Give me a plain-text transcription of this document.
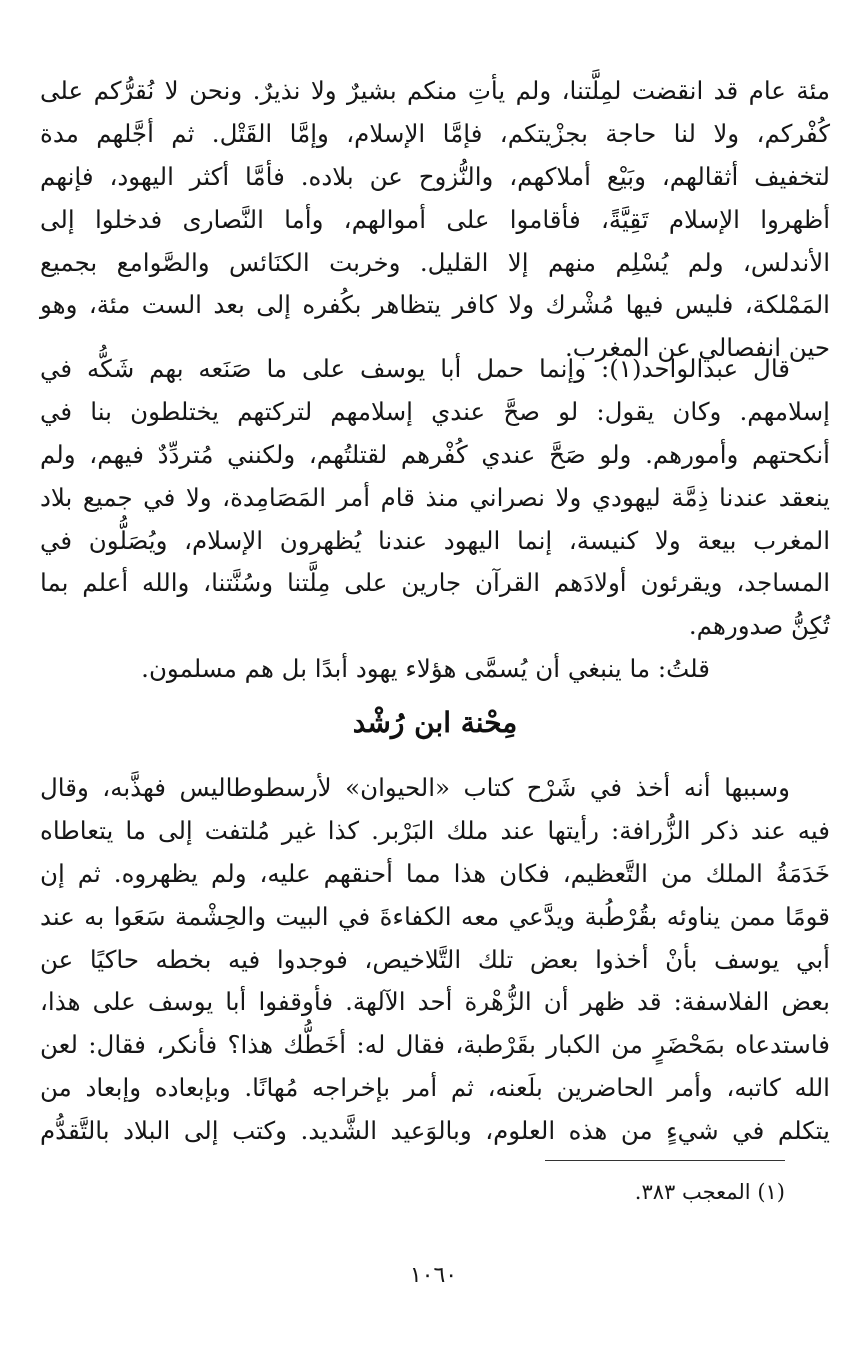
مئة عام قد انقضت لمِلَّتنا، ولم يأتِ منكم بشيرٌ ولا نذيرٌ. ونحن لا نُقرُّكم على
كُفْركم، ولا لنا حاجة بجزْيتكم، فإمَّا الإسلام، وإمَّا القَتْل. ثم أجَّلهم مدة
لتخفيف أثقالهم، وبَيْع أملاكهم، والنُّزوح عن بلاده. فأمَّا أكثر اليهود، فإنهم
أظهروا الإسلام تَقِيَّةً، فأقاموا على أموالهم، وأما النَّصارى فدخلوا إلى
الأندلس، ولم يُسْلِم منهم إلا القليل. وخربت الكنَائس والصَّوامع بجميع
المَمْلكة، فليس فيها مُشْرك ولا كافر يتظاهر بكُفره إلى بعد الست مئة، وهو
حين انفصالي عن المغرب.
قال عبدالواحد(١): وإنما حمل أبا يوسف على ما صَنَعه بهم شَكُّه في
إسلامهم. وكان يقول: لو صحَّ عندي إسلامهم لتركتهم يختلطون بنا في
أنكحتهم وأمورهم. ولو صَحَّ عندي كُفْرهم لقتلتُهم، ولكنني مُتردِّدٌ فيهم، ولم
ينعقد عندنا ذِمَّة ليهودي ولا نصراني منذ قام أمر المَصَامِدة، ولا في جميع بلاد
المغرب بيعة ولا كنيسة، إنما اليهود عندنا يُظهرون الإسلام، ويُصَلُّون في
المساجد، ويقرئون أولادَهم القرآن جارين على مِلَّتنا وسُنَّتنا، والله أعلم بما
تُكِنُّ صدورهم.
قلتُ: ما ينبغي أن يُسمَّى هؤلاء يهود أبدًا بل هم مسلمون.
مِحْنة ابن رُشْد
وسببها أنه أخذ في شَرْح كتاب «الحيوان» لأرسطوطاليس فهذَّبه، وقال
فيه عند ذكر الزُّرافة: رأيتها عند ملك البَرْبر. كذا غير مُلتفت إلى ما يتعاطاه
خَدَمَةُ الملك من التَّعظيم، فكان هذا مما أحنقهم عليه، ولم يظهروه. ثم إن
قومًا ممن يناوئه بقُرْطُبة ويدَّعي معه الكفاءةَ في البيت والحِشْمة سَعَوا به عند
أبي يوسف بأنْ أخذوا بعض تلك التَّلاخيص، فوجدوا فيه بخطه حاكيًا عن
بعض الفلاسفة: قد ظهر أن الزُّهْرة أحد الآلهة. فأوقفوا أبا يوسف على هذا،
فاستدعاه بمَحْضَرٍ من الكبار بقَرْطبة، فقال له: أخَطُّك هذا؟ فأنكر، فقال: لعن
الله كاتبه، وأمر الحاضرين بلَعنه، ثم أمر بإخراجه مُهانًا. وبإبعاده وإبعاد من
يتكلم في شيءٍ من هذه العلوم، وبالوَعيد الشَّديد. وكتب إلى البلاد بالتَّقدُّم
(١) المعجب ٣٨٣.
١٠٦٠
